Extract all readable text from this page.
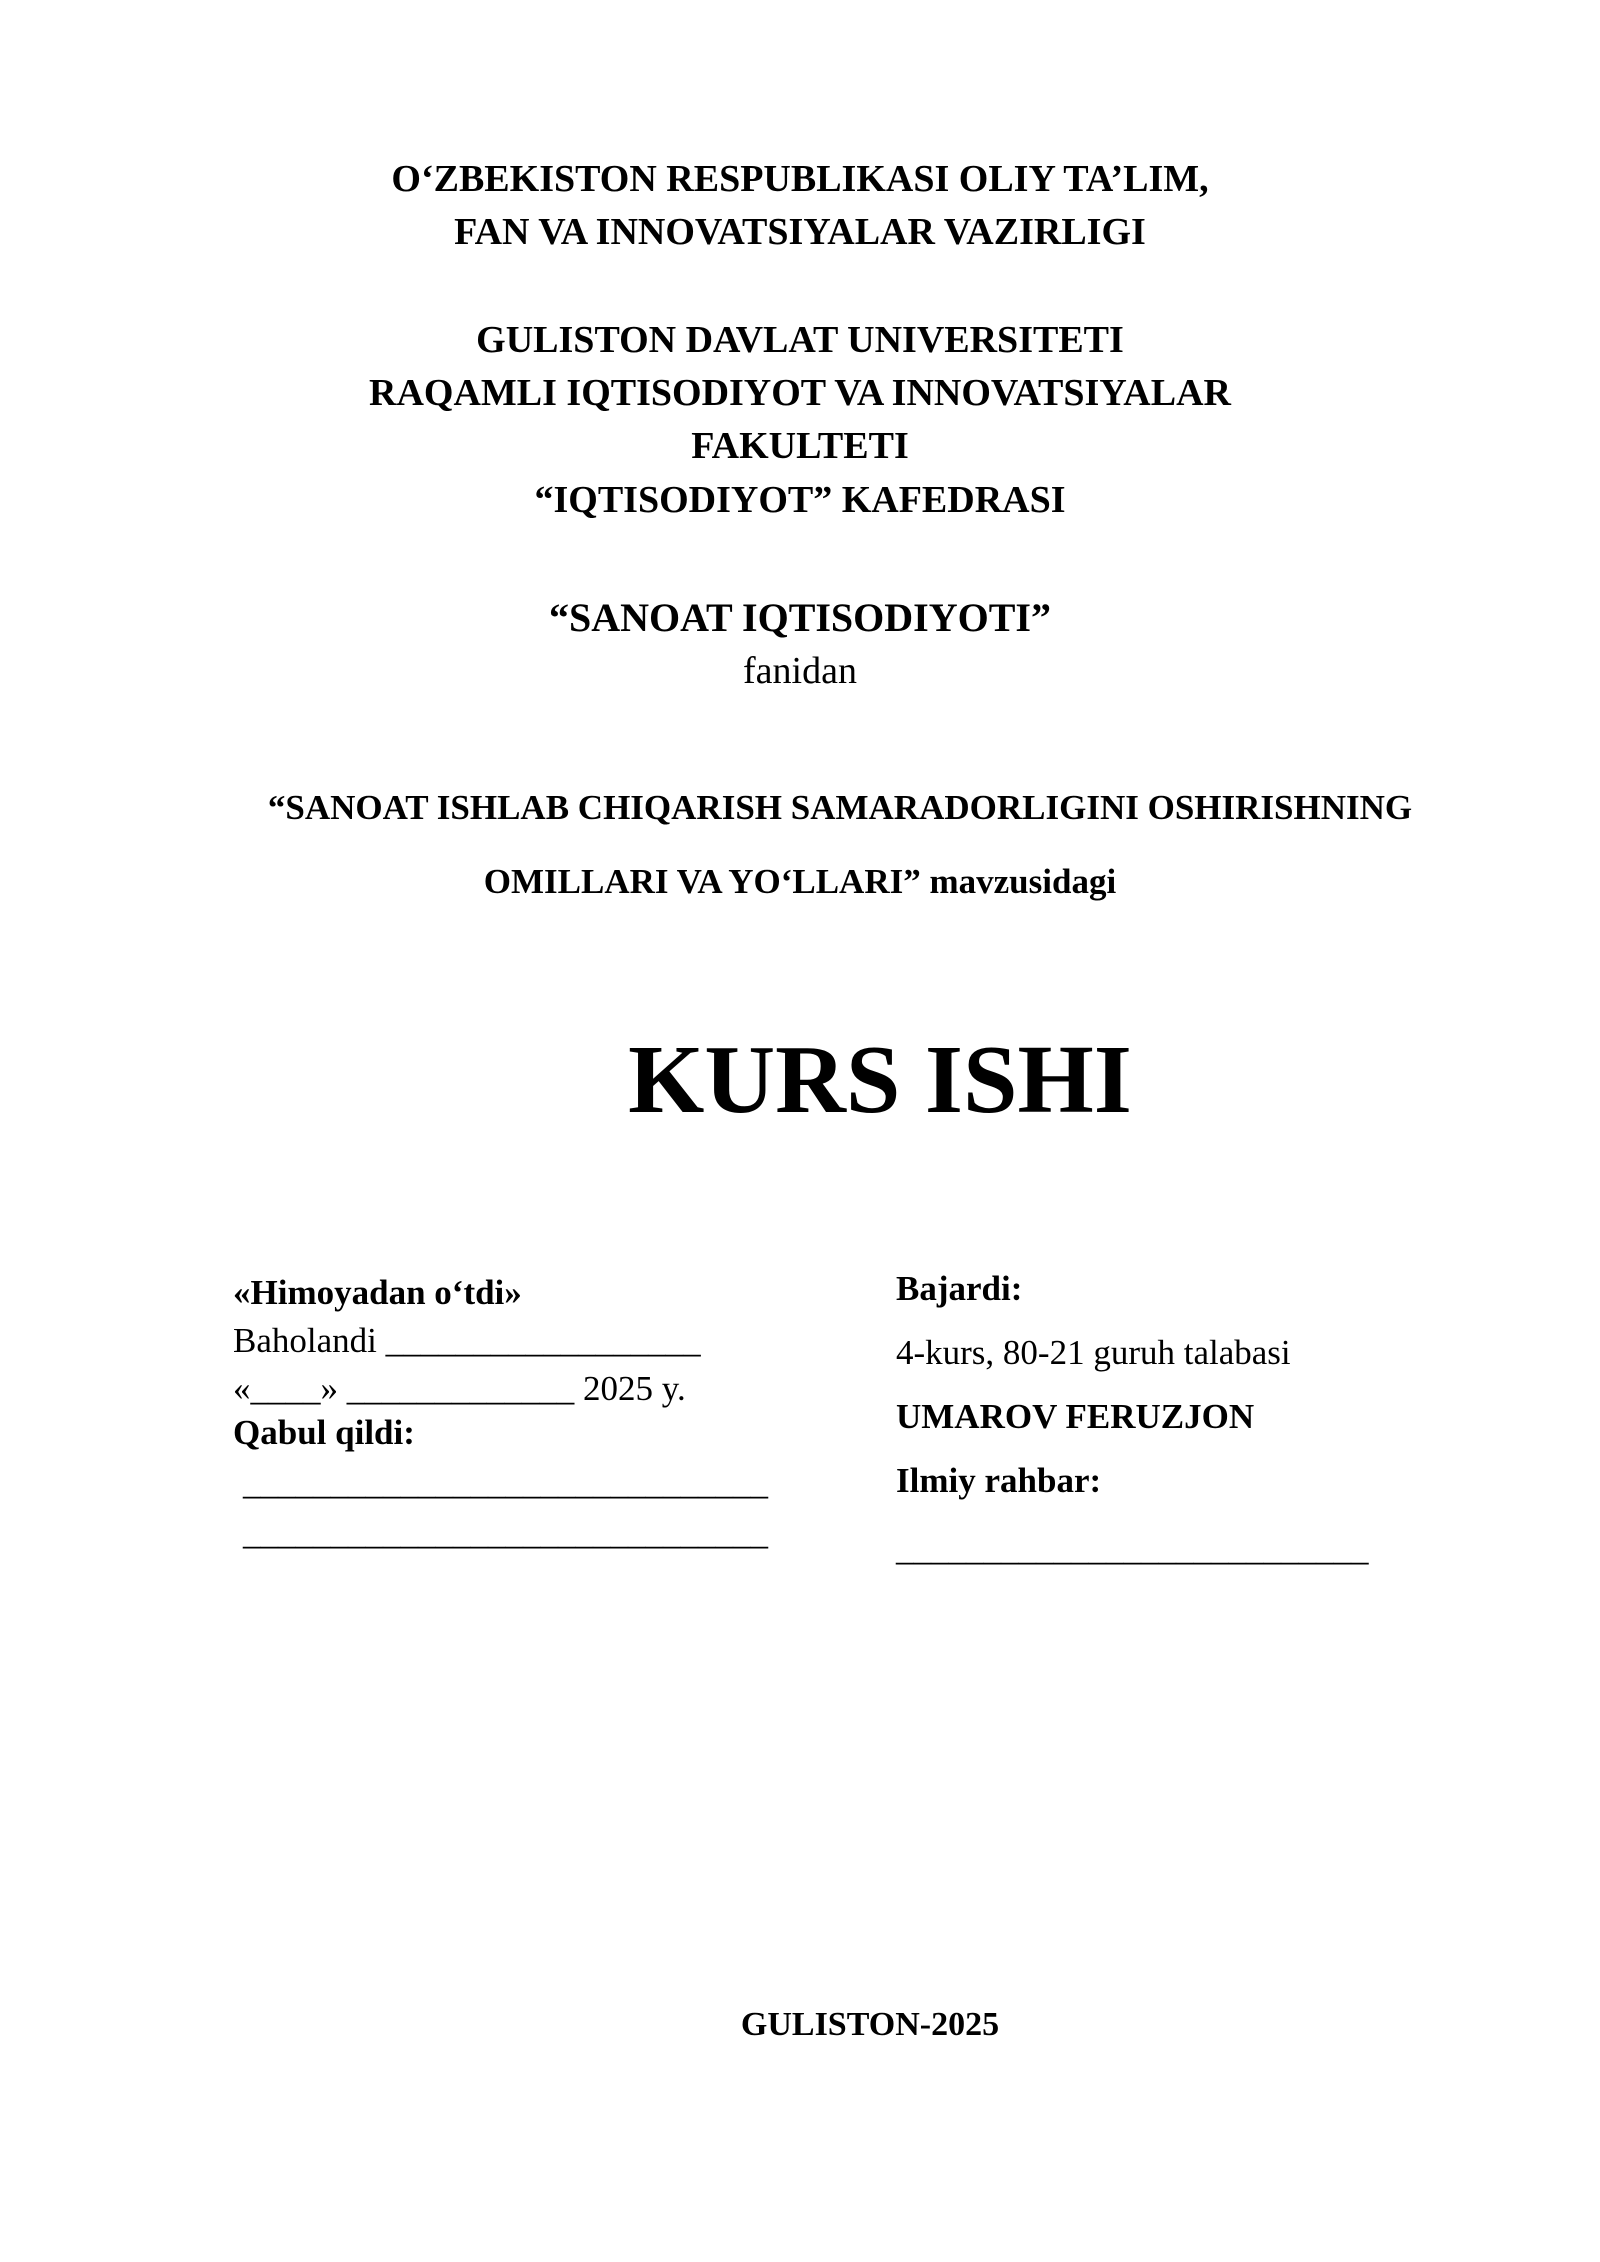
O‘ZBEKISTON RESPUBLIKASI OLIY TA’LIM,
FAN VA INNOVATSIYALAR VAZIRLIGI
GULISTON DAVLAT UNIVERSITETI
RAQAMLI IQTISODIYOT VA INNOVATSIYALAR
FAKULTETI
“IQTISODIYOT” KAFEDRASI
“SANOAT IQTISODIYOTI”
fanidan
“SANOAT ISHLAB CHIQARISH SAMARADORLIGINI OSHIRISHNING
OMILLARI VA YO‘LLARI” mavzusidagi
KURS ISHI
«Himoyadan o‘tdi»
Baholandi __________________
«____» _____________ 2025 y.
Qabul qildi:
______________________________
______________________________
Bajardi:
4-kurs, 80-21 guruh talabasi
UMAROV FERUZJON
Ilmiy rahbar:
___________________________
GULISTON-2025
